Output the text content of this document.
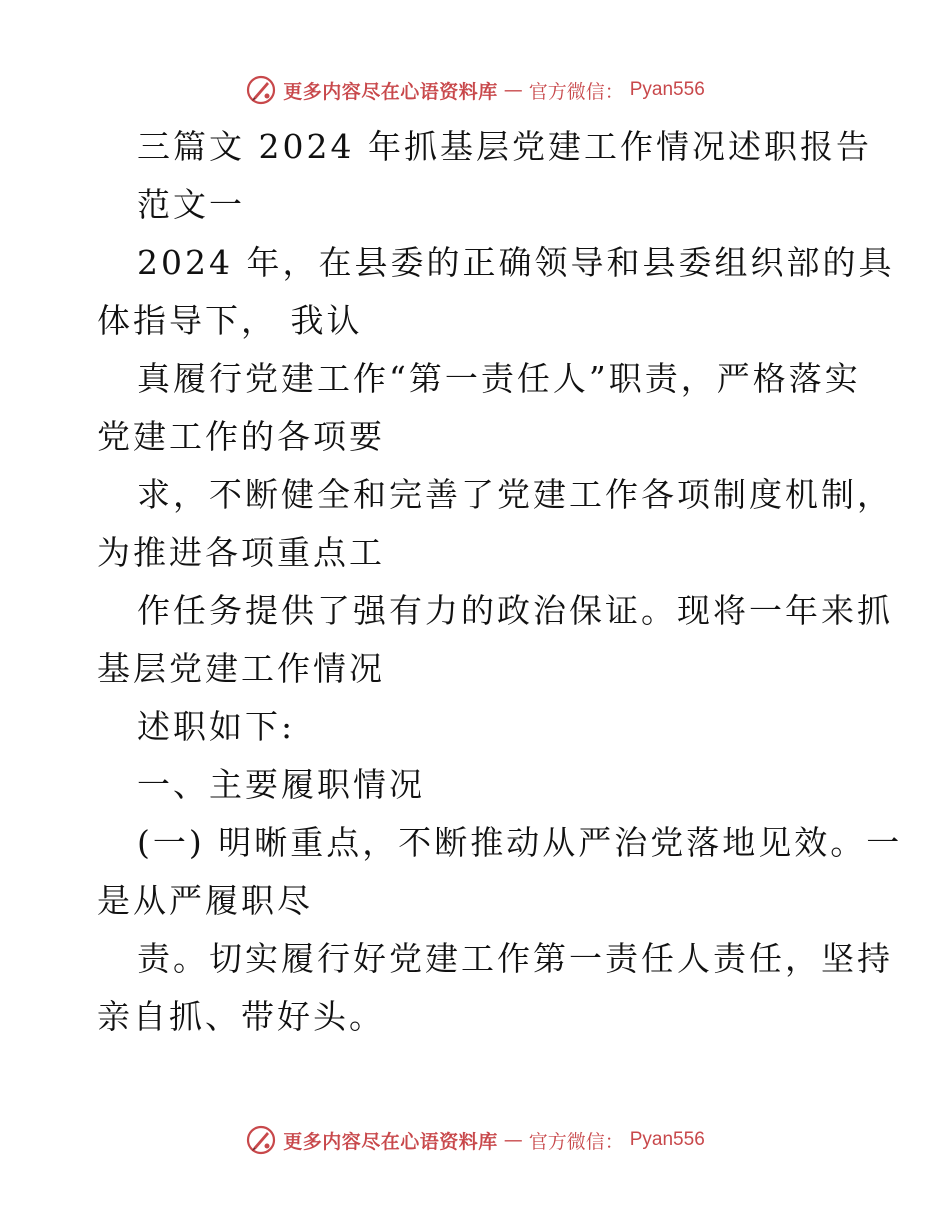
更多内容尽在心语资料库 — 官方微信： Pyan556
三篇文 2024 年抓基层党建工作情况述职报告
范文一
2024 年，在县委的正确领导和县委组织部的具
体指导下， 我认
真履行党建工作“第一责任人”职责，严格落实
党建工作的各项要
求，不断健全和完善了党建工作各项制度机制，
为推进各项重点工
作任务提供了强有力的政治保证。现将一年来抓
基层党建工作情况
述职如下:
一、主要履职情况
(一) 明晰重点，不断推动从严治党落地见效。一
是从严履职尽
责。切实履行好党建工作第一责任人责任，坚持
亲自抓、带好头。
更多内容尽在心语资料库 — 官方微信： Pyan556
